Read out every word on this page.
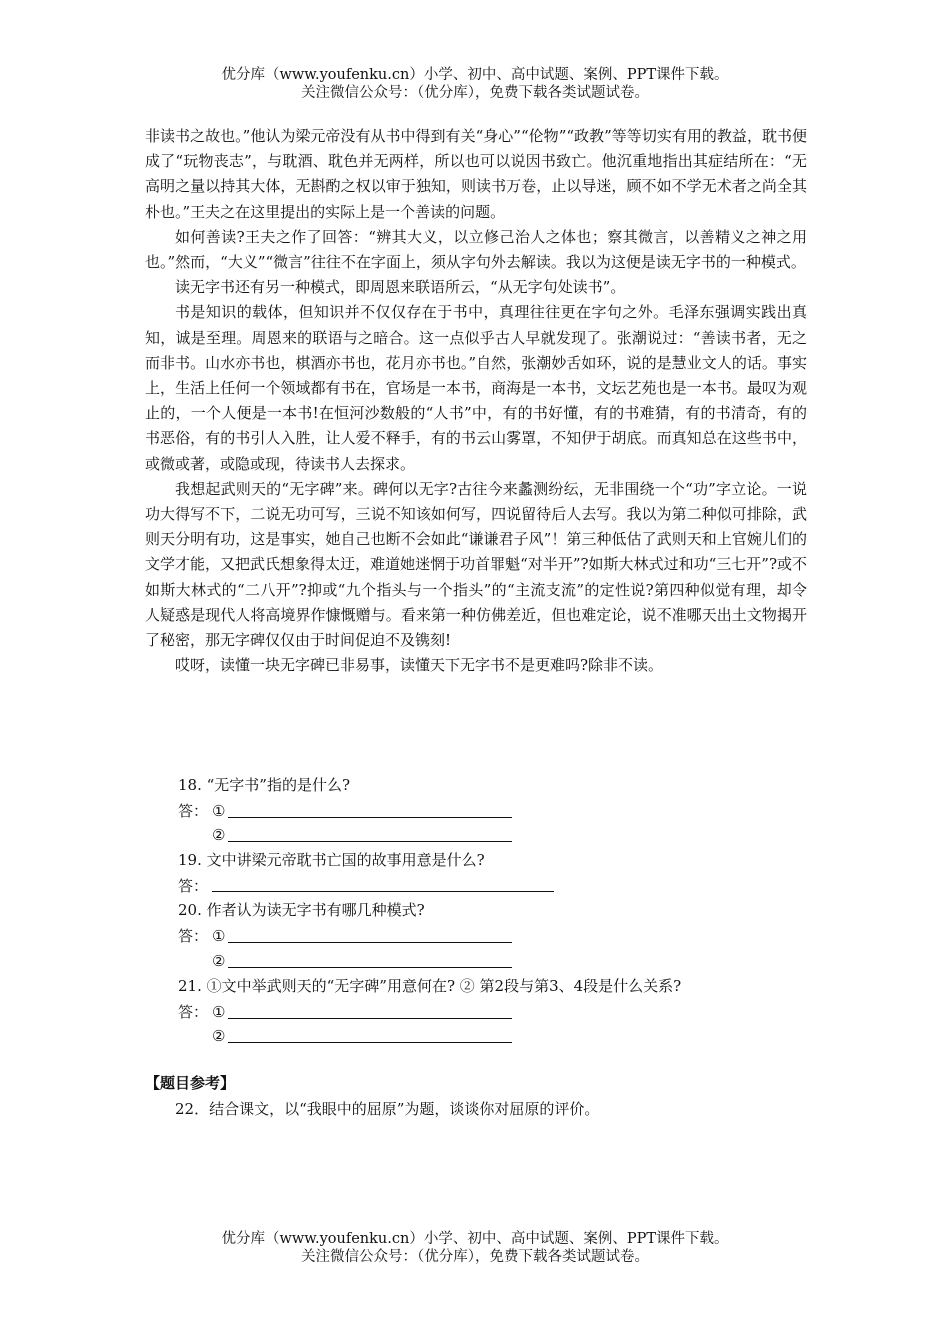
优分库（www.youfenku.cn）小学、初中、高中试题、案例、PPT课件下载。
关注微信公众号：（优分库），免费下载各类试题试卷。

非读书之故也。”他认为梁元帝没有从书中得到有关“身心”“伦物”“政教”等等切实有用的教益，耽书便成了“玩物丧志”，与耽酒、耽色并无两样，所以也可以说因书致亡。他沉重地指出其症结所在：“无高明之量以持其大体，无斟酌之权以审于独知，则读书万卷，止以导迷，顾不如不学无术者之尚全其朴也。”王夫之在这里提出的实际上是一个善读的问题。

如何善读?王夫之作了回答：“辨其大义，以立修己治人之体也；察其微言，以善精义之神之用也。”然而，“大义”“微言”往往不在字面上，须从字句外去解读。我以为这便是读无字书的一种模式。

读无字书还有另一种模式，即周恩来联语所云，“从无字句处读书”。

书是知识的载体，但知识并不仅仅存在于书中，真理往往更在字句之外。毛泽东强调实践出真知，诚是至理。周恩来的联语与之暗合。这一点似乎古人早就发现了。张潮说过：“善读书者，无之而非书。山水亦书也，棋酒亦书也，花月亦书也。”自然，张潮妙舌如环，说的是慧业文人的话。事实上，生活上任何一个领域都有书在，官场是一本书，商海是一本书，文坛艺苑也是一本书。最叹为观止的，一个人便是一本书!在恒河沙数般的“人书”中，有的书好懂，有的书难猜，有的书清奇，有的书恶俗，有的书引人入胜，让人爱不释手，有的书云山雾罩，不知伊于胡底。而真知总在这些书中，或微或著，或隐或现，待读书人去探求。

我想起武则天的“无字碑”来。碑何以无字?古往今来蠡测纷纭，无非围绕一个“功”字立论。一说功大得写不下，二说无功可写，三说不知该如何写，四说留待后人去写。我以为第二种似可排除，武则天分明有功，这是事实，她自己也断不会如此“谦谦君子风”！第三种低估了武则天和上官婉儿们的文学才能，又把武氏想象得太迂，难道她迷惘于功首罪魁“对半开”?如斯大林式过和功“三七开”?或不如斯大林式的“二八开”?抑或“九个指头与一个指头”的“主流支流”的定性说?第四种似觉有理，却令人疑惑是现代人将高境界作慷慨赠与。看来第一种仿佛差近，但也难定论，说不准哪天出土文物揭开了秘密，那无字碑仅仅由于时间促迫不及镌刻!

哎呀，读懂一块无字碑已非易事，读懂天下无字书不是更难吗?除非不读。

18. “无字书”指的是什么?
答： ①
②
19. 文中讲梁元帝耽书亡国的故事用意是什么?
答：
20. 作者认为读无字书有哪几种模式?
答： ①
②
21. ①文中举武则天的“无字碑”用意何在? ② 第2段与第3、4段是什么关系?
答： ①
②
【题目参考】
22．结合课文，以“我眼中的屈原”为题，谈谈你对屈原的评价。
优分库（www.youfenku.cn）小学、初中、高中试题、案例、PPT课件下载。
关注微信公众号：（优分库），免费下载各类试题试卷。
